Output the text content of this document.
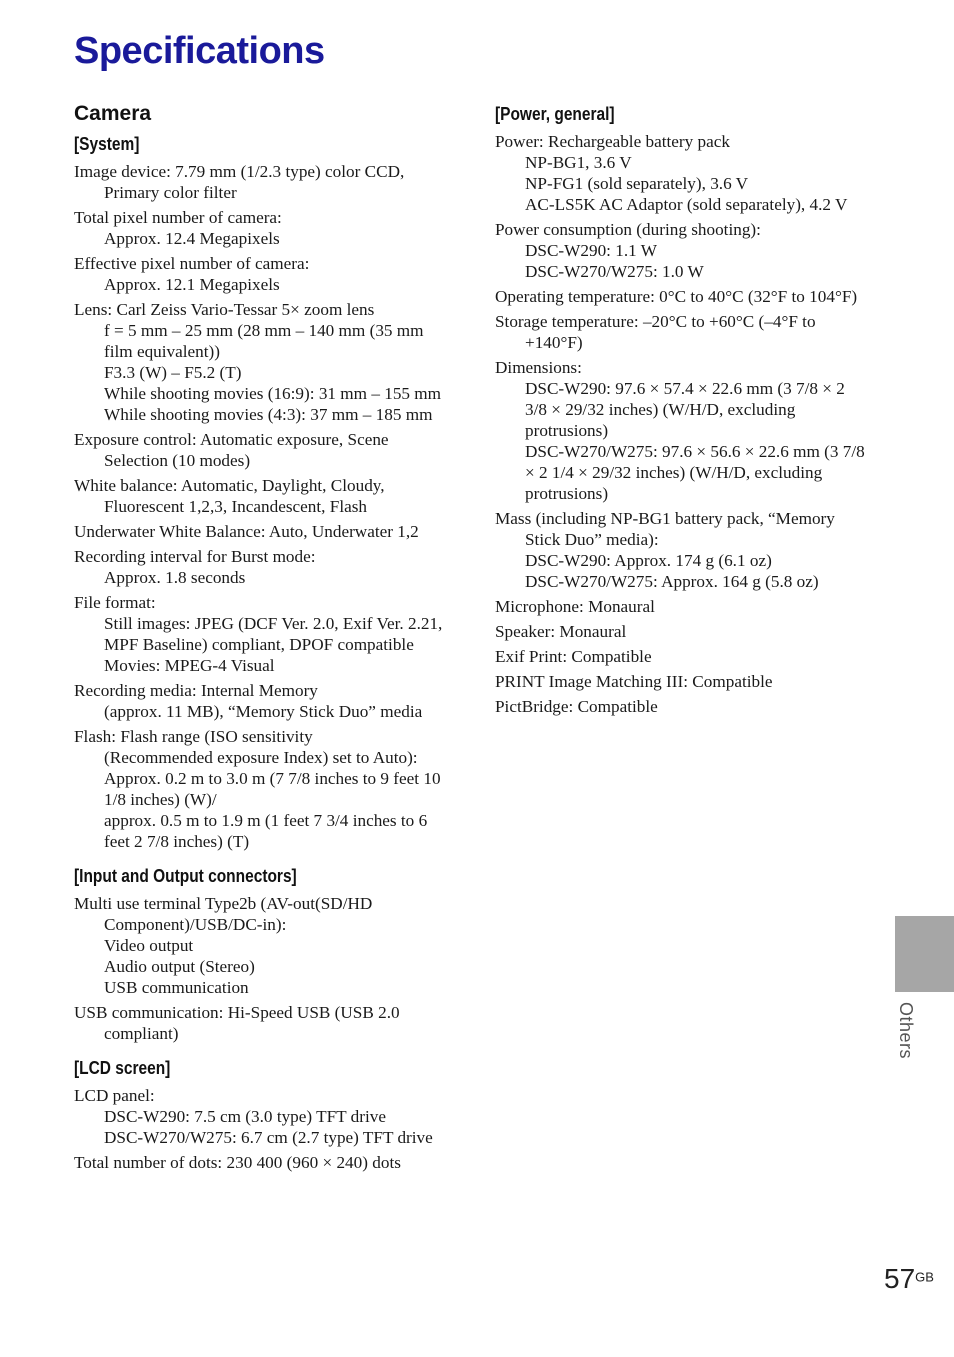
Specifications
Camera
[System]
Image device: 7.79 mm (1/2.3 type) color CCD, Primary color filter
Total pixel number of camera:
Approx. 12.4 Megapixels
Effective pixel number of camera:
Approx. 12.1 Megapixels
Lens: Carl Zeiss Vario-Tessar 5× zoom lens
f = 5 mm – 25 mm (28 mm – 140 mm (35 mm film equivalent))
F3.3 (W) – F5.2 (T)
While shooting movies (16:9): 31 mm – 155 mm
While shooting movies (4:3): 37 mm – 185 mm
Exposure control: Automatic exposure, Scene Selection (10 modes)
White balance: Automatic, Daylight, Cloudy, Fluorescent 1,2,3, Incandescent, Flash
Underwater White Balance: Auto, Underwater 1,2
Recording interval for Burst mode:
Approx. 1.8 seconds
File format:
Still images: JPEG (DCF Ver. 2.0, Exif Ver. 2.21, MPF Baseline) compliant, DPOF compatible
Movies: MPEG-4 Visual
Recording media: Internal Memory
(approx. 11 MB), “Memory Stick Duo” media
Flash: Flash range (ISO sensitivity
(Recommended exposure Index) set to Auto): Approx. 0.2 m to 3.0 m (7 7/8 inches to 9 feet 10 1/8 inches) (W)/
approx. 0.5 m to 1.9 m (1 feet 7 3/4 inches to 6 feet 2 7/8 inches) (T)
[Input and Output connectors]
Multi use terminal Type2b (AV-out(SD/HD Component)/USB/DC-in):
Video output
Audio output (Stereo)
USB communication
USB communication: Hi-Speed USB (USB 2.0 compliant)
[LCD screen]
LCD panel:
DSC-W290: 7.5 cm (3.0 type) TFT drive
DSC-W270/W275: 6.7 cm (2.7 type) TFT drive
Total number of dots: 230 400 (960 × 240) dots
[Power, general]
Power: Rechargeable battery pack
NP-BG1, 3.6 V
NP-FG1 (sold separately), 3.6 V
AC-LS5K AC Adaptor (sold separately), 4.2 V
Power consumption (during shooting):
DSC-W290: 1.1 W
DSC-W270/W275: 1.0 W
Operating temperature: 0°C to 40°C (32°F to 104°F)
Storage temperature: –20°C to +60°C (–4°F to +140°F)
Dimensions:
DSC-W290: 97.6 × 57.4 × 22.6 mm (3 7/8 × 2 3/8 × 29/32 inches) (W/H/D, excluding protrusions)
DSC-W270/W275: 97.6 × 56.6 × 22.6 mm (3 7/8 × 2 1/4 × 29/32 inches) (W/H/D, excluding protrusions)
Mass (including NP-BG1 battery pack, “Memory Stick Duo” media):
DSC-W290: Approx. 174 g (6.1 oz)
DSC-W270/W275: Approx. 164 g (5.8 oz)
Microphone: Monaural
Speaker: Monaural
Exif Print: Compatible
PRINT Image Matching III: Compatible
PictBridge: Compatible
Others
$57^{GB}$
